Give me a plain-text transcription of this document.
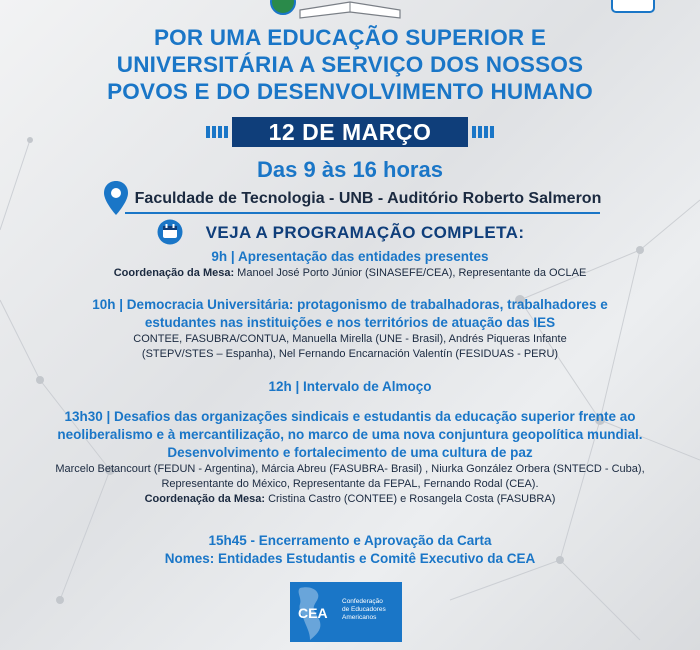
POR UMA EDUCAÇÃO SUPERIOR E
UNIVERSITÁRIA A SERVIÇO DOS NOSSOS
POVOS E DO DESENVOLVIMENTO HUMANO
12 DE MARÇO
Das 9 às 16 horas
Faculdade de Tecnologia - UNB - Auditório Roberto Salmeron
VEJA A PROGRAMAÇÃO COMPLETA:
9h | Apresentação das entidades presentes
Coordenação da Mesa: Manoel José Porto Júnior (SINASEFE/CEA), Representante da OCLAE
10h | Democracia Universitária: protagonismo de trabalhadoras, trabalhadores e
estudantes nas instituições e nos territórios de atuação das IES
CONTEE, FASUBRA/CONTUA, Manuella Mirella (UNE - Brasil), Andrés Piqueras Infante
(STEPV/STES – Espanha), Nel Fernando Encarnación Valentín (FESIDUAS - PERU)
12h | Intervalo de Almoço
13h30 | Desafios das organizações sindicais e estudantis da educação superior frente ao
neoliberalismo e à mercantilização, no marco de uma nova conjuntura geopolítica mundial.
Desenvolvimento e fortalecimento de uma cultura de paz
Marcelo Betancourt (FEDUN - Argentina), Márcia Abreu (FASUBRA- Brasil) , Niurka González Orbera (SNTECD - Cuba),
Representante do México, Representante da FEPAL, Fernando Rodal (CEA).
Coordenação da Mesa: Cristina Castro (CONTEE) e Rosangela Costa (FASUBRA)
15h45 - Encerramento e Aprovação da Carta
Nomes: Entidades Estudantis e Comitê Executivo da CEA
CEA
Confederação
de Educadores
Americanos
